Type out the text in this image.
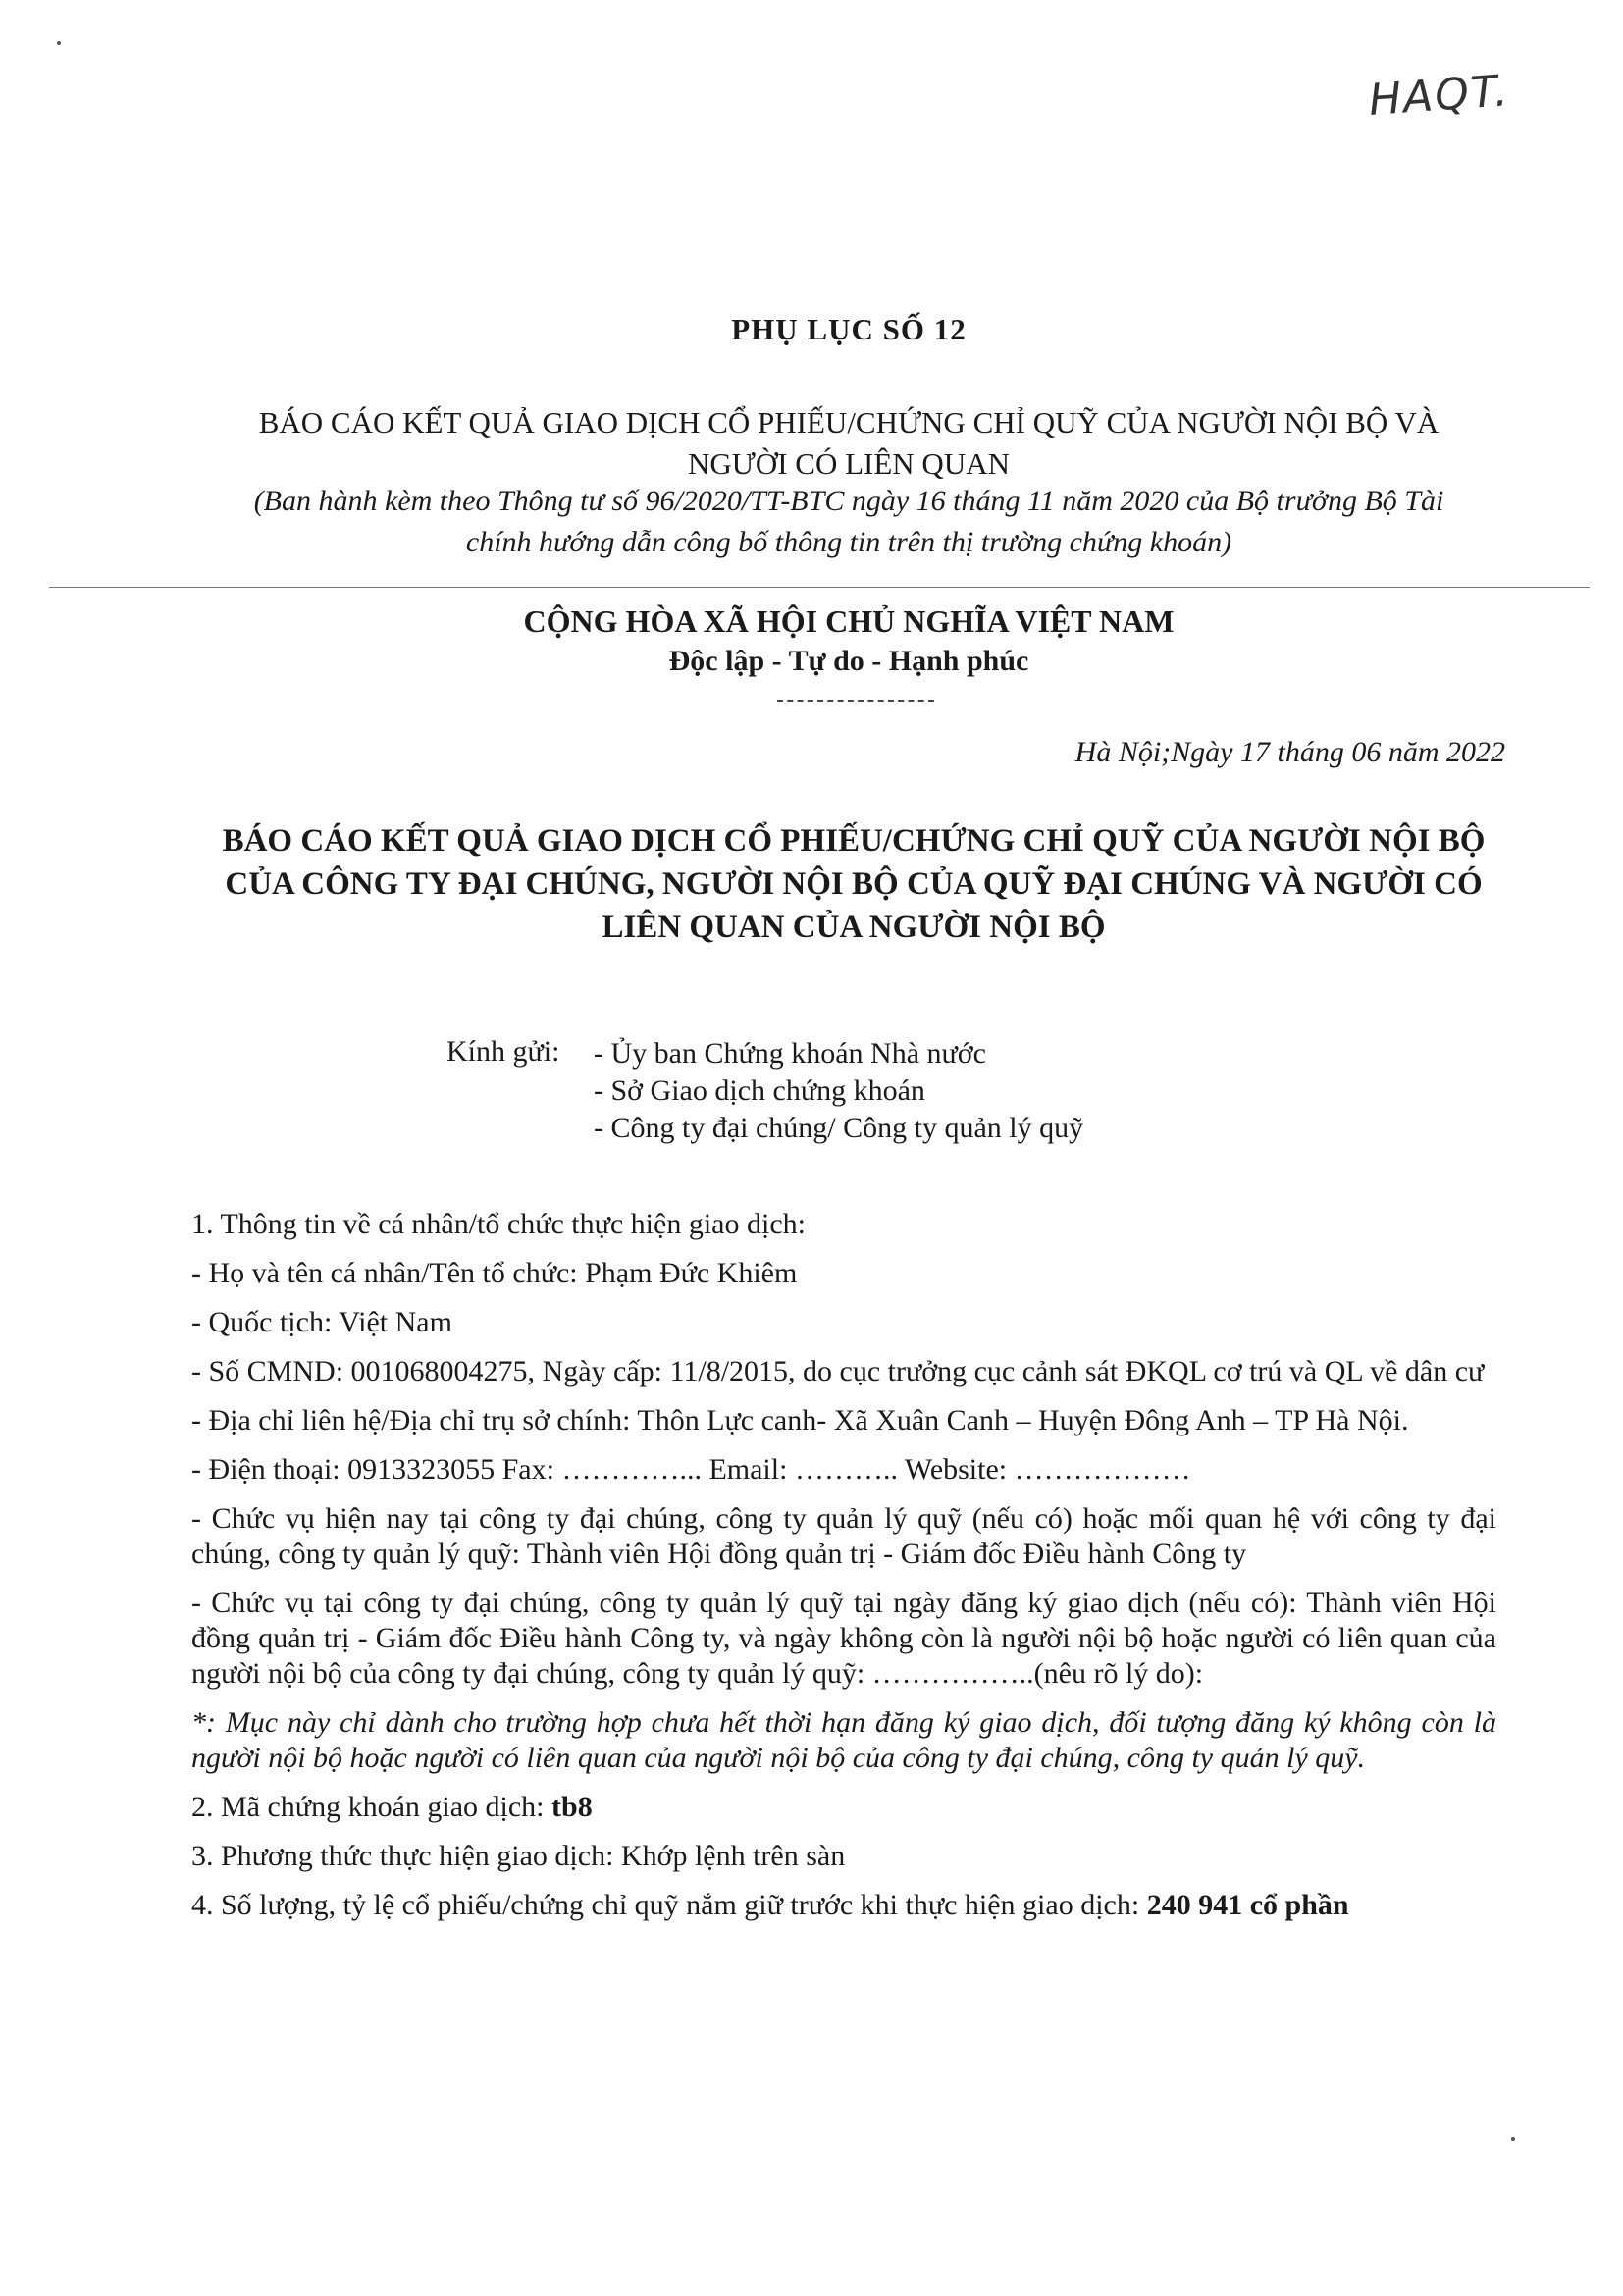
HAQT.
PHỤ LỤC SỐ 12
BÁO CÁO KẾT QUẢ GIAO DỊCH CỔ PHIẾU/CHỨNG CHỈ QUỸ CỦA NGƯỜI NỘI BỘ VÀ
NGƯỜI CÓ LIÊN QUAN
(Ban hành kèm theo Thông tư số 96/2020/TT-BTC ngày 16 tháng 11 năm 2020 của Bộ trưởng Bộ Tài
chính hướng dẫn công bố thông tin trên thị trường chứng khoán)
CỘNG HÒA XÃ HỘI CHỦ NGHĨA VIỆT NAM
Độc lập - Tự do - Hạnh phúc
Hà Nội;Ngày 17 tháng 06 năm 2022
BÁO CÁO KẾT QUẢ GIAO DỊCH CỔ PHIẾU/CHỨNG CHỈ QUỸ CỦA NGƯỜI NỘI BỘ
CỦA CÔNG TY ĐẠI CHÚNG, NGƯỜI NỘI BỘ CỦA QUỸ ĐẠI CHÚNG VÀ NGƯỜI CÓ
LIÊN QUAN CỦA NGƯỜI NỘI BỘ
Kính gửi: - Ủy ban Chứng khoán Nhà nước
- Sở Giao dịch chứng khoán
- Công ty đại chúng/ Công ty quản lý quỹ

1. Thông tin về cá nhân/tổ chức thực hiện giao dịch:

- Họ và tên cá nhân/Tên tổ chức: Phạm Đức Khiêm

- Quốc tịch: Việt Nam

- Số CMND: 001068004275, Ngày cấp: 11/8/2015, do cục trưởng cục cảnh sát ĐKQL cơ trú và QL về dân cư

- Địa chỉ liên hệ/Địa chỉ trụ sở chính: Thôn Lực canh- Xã Xuân Canh – Huyện Đông Anh – TP Hà Nội.

- Điện thoại: 0913323055 Fax: …………... Email: ……….. Website: ………………

- Chức vụ hiện nay tại công ty đại chúng, công ty quản lý quỹ (nếu có) hoặc mối quan hệ với công ty đại chúng, công ty quản lý quỹ: Thành viên Hội đồng quản trị - Giám đốc Điều hành Công ty

- Chức vụ tại công ty đại chúng, công ty quản lý quỹ tại ngày đăng ký giao dịch (nếu có): Thành viên Hội đồng quản trị - Giám đốc Điều hành Công ty, và ngày không còn là người nội bộ hoặc người có liên quan của người nội bộ của công ty đại chúng, công ty quản lý quỹ: ……………..(nêu rõ lý do):

*: Mục này chỉ dành cho trường hợp chưa hết thời hạn đăng ký giao dịch, đối tượng đăng ký không còn là người nội bộ hoặc người có liên quan của người nội bộ của công ty đại chúng, công ty quản lý quỹ.

2. Mã chứng khoán giao dịch: tb8

3. Phương thức thực hiện giao dịch: Khớp lệnh trên sàn

4. Số lượng, tỷ lệ cổ phiếu/chứng chỉ quỹ nắm giữ trước khi thực hiện giao dịch: 240 941 cổ phần
